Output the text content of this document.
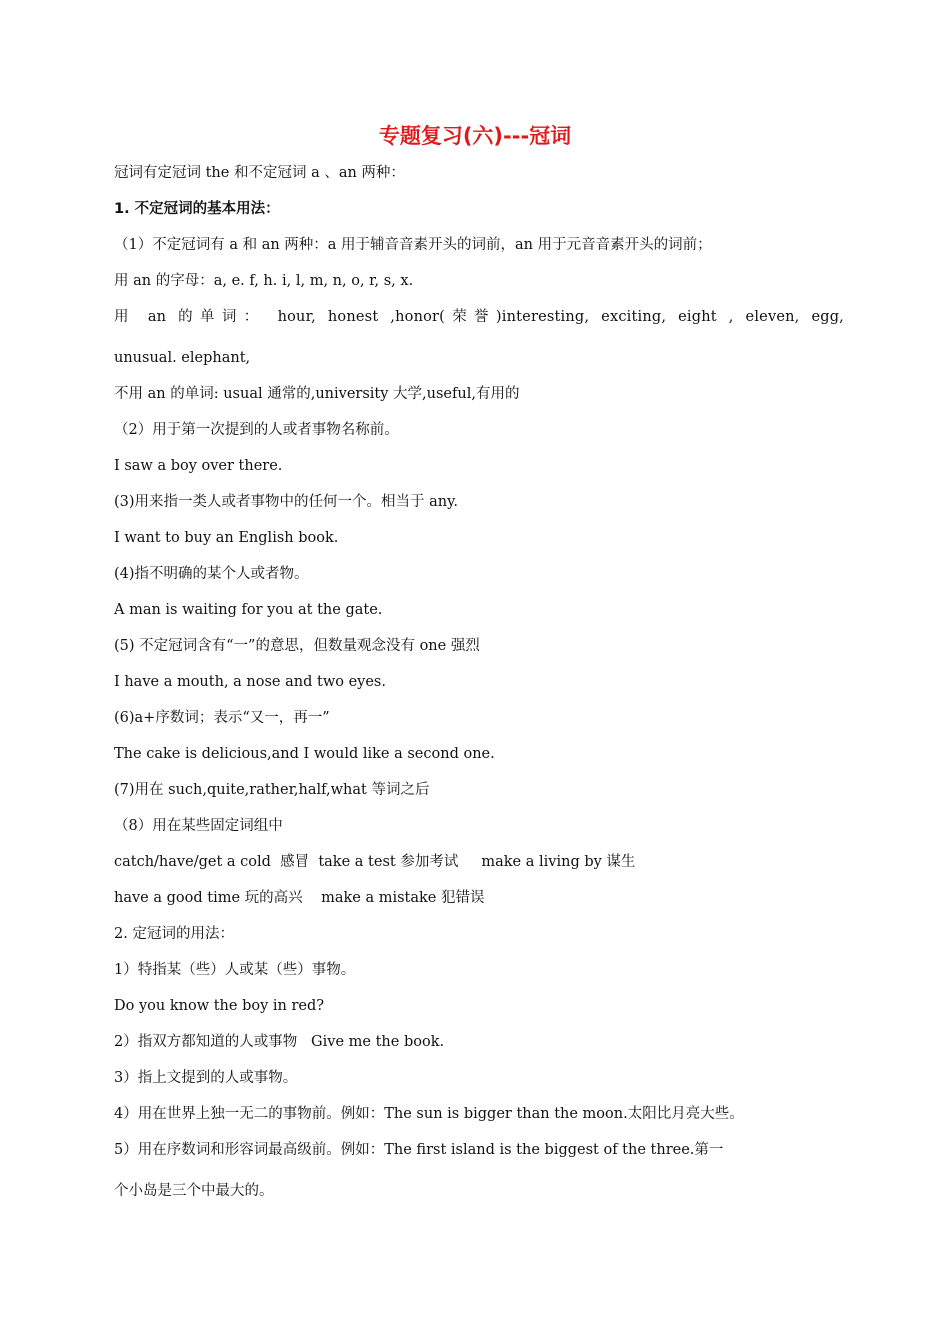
专题复习(六)---冠词
冠词有定冠词 the 和不定冠词 a 、an 两种：
1. 不定冠词的基本用法：
（1）不定冠词有 a 和 an 两种：a 用于辅音音素开头的词前，an 用于元音音素开头的词前；
用 an 的字母：a, e. f, h. i, l, m, n, o, r, s, x.
用 an 的单词： hour, honest ,honor(荣誉)interesting, exciting, eight , eleven, egg,
unusual. elephant,
不用 an 的单词: usual 通常的,university 大学,useful,有用的
（2）用于第一次提到的人或者事物名称前。
I saw a boy over there.
(3)用来指一类人或者事物中的任何一个。相当于 any.
I want to buy an English book.
(4)指不明确的某个人或者物。
A man is waiting for you at the gate.
(5) 不定冠词含有“一”的意思，但数量观念没有 one 强烈
I have a mouth, a nose and two eyes.
(6)a+序数词；表示“又一，再一”
The cake is delicious,and I would like a second one.
(7)用在 such,quite,rather,half,what 等词之后
（8）用在某些固定词组中
catch/have/get a cold  感冒  take a test 参加考试     make a living by 谋生
have a good time 玩的高兴    make a mistake 犯错误
2. 定冠词的用法：
1）特指某（些）人或某（些）事物。
Do you know the boy in red?
2）指双方都知道的人或事物   Give me the book.
3）指上文提到的人或事物。
4）用在世界上独一无二的事物前。例如：The sun is bigger than the moon.太阳比月亮大些。
5）用在序数词和形容词最高级前。例如：The first island is the biggest of the three.第一
个小岛是三个中最大的。
